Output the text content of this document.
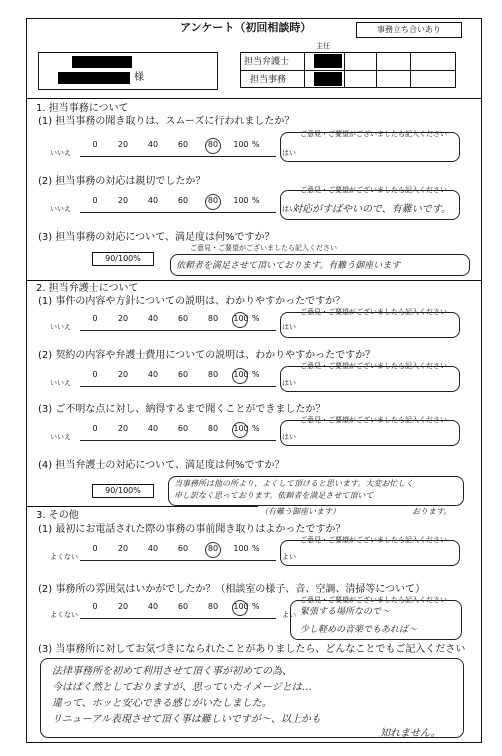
アンケート（初回相談時）	事務立ち合いあり
様
主任
担当弁護士
担当事務
1. 担当事務について
(1) 担当事務の聞き取りは、スムーズに行われましたか？
ご意見・ご要望がございましたら記入ください
いいえ
0	20	40	60	80	100 %
はい
(2) 担当事務の対応は親切でしたか？
ご意見・ご要望がございましたら記入ください
対応がすばやいので、有難いです。
いいえ
0	20	40	60	80	100 %
はい
(3) 担当事務の対応について、満足度は何%ですか？
ご意見・ご要望がございましたら記入ください
90/100%
依頼者を満足させて頂いております。有難う御座います
2. 担当弁護士について
(1) 事件の内容や方針についての説明は、わかりやすかったですか？
ご意見・ご要望がございましたら記入ください
いいえ
0	20	40	60	80	100 %
はい
(2) 契約の内容や弁護士費用についての説明は、わかりやすかったですか？
ご意見・ご要望がございましたら記入ください
いいえ
0	20	40	60	80	100 %
はい
(3) ご不明な点に対し、納得するまで聞くことができましたか？
ご意見・ご要望がございましたら記入ください
いいえ
0	20	40	60	80	100 %
はい
(4) 担当弁護士の対応について、満足度は何%ですか？
90/100%
当事務所は他の所より、よくして頂けると思います。大変お忙しく
申し訳なく思っております。依頼者を満足させて頂いて
おります。
（有難う御座います）
3. その他
(1) 最初にお電話された際の事務の事前聞き取りはよかったですか？
ご意見・ご要望がございましたら記入ください
よくない
0	20	40	60	80	100 %
よい
(2) 事務所の雰囲気はいかがでしたか？（相談室の様子、音、空調、清掃等について）
ご意見・ご要望がございましたら記入ください
緊張する場所なので〜
少し軽めの音楽でもあれば〜
よくない
0	20	40	60	80	100 %
よい
(3) 当事務所に対してお気づきになられたことがありましたら、どんなことでもご記入ください
法律事務所を初めて利用させて頂く事が初めての為、
今はぱく然としておりますが、思っていたイメージとは…
違って、ホッと安心できる感じがいたしました。
リニューアル表現させて頂く事は難しいですが〜、以上かも
知れません。
